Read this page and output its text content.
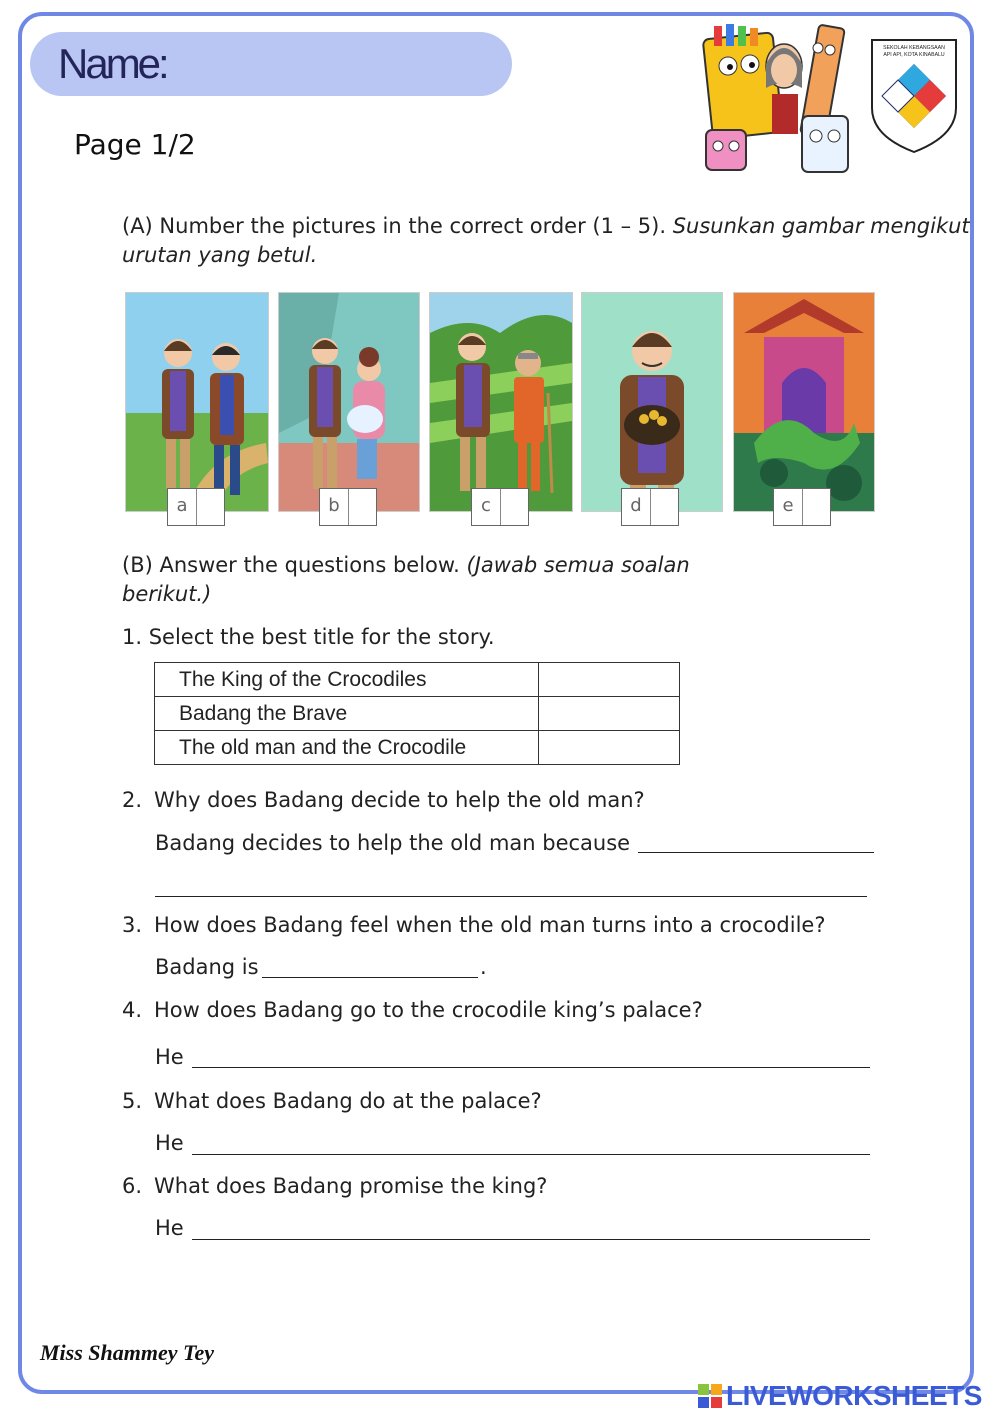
Name:
Page 1/2
SEKOLAH KEBANGSAAN
API API, KOTA KINABALU
(A) Number the pictures in the correct order (1 – 5). Susunkan gambar mengikut urutan yang betul.
a	b	c	d	e
(B) Answer the questions below. (Jawab semua soalan berikut.)
1. Select the best title for the story.
The King of the Crocodiles	
Badang the Brave	
The old man and the Crocodile	
2. Why does Badang decide to help the old man?
Badang decides to help the old man because
3. How does Badang feel when the old man turns into a crocodile?
Badang is	.
4. How does Badang go to the crocodile king’s palace?
He
5. What does Badang do at the palace?
He
6. What does Badang promise the king?
He
Miss Shammey Tey
LIVEWORKSHEETS
